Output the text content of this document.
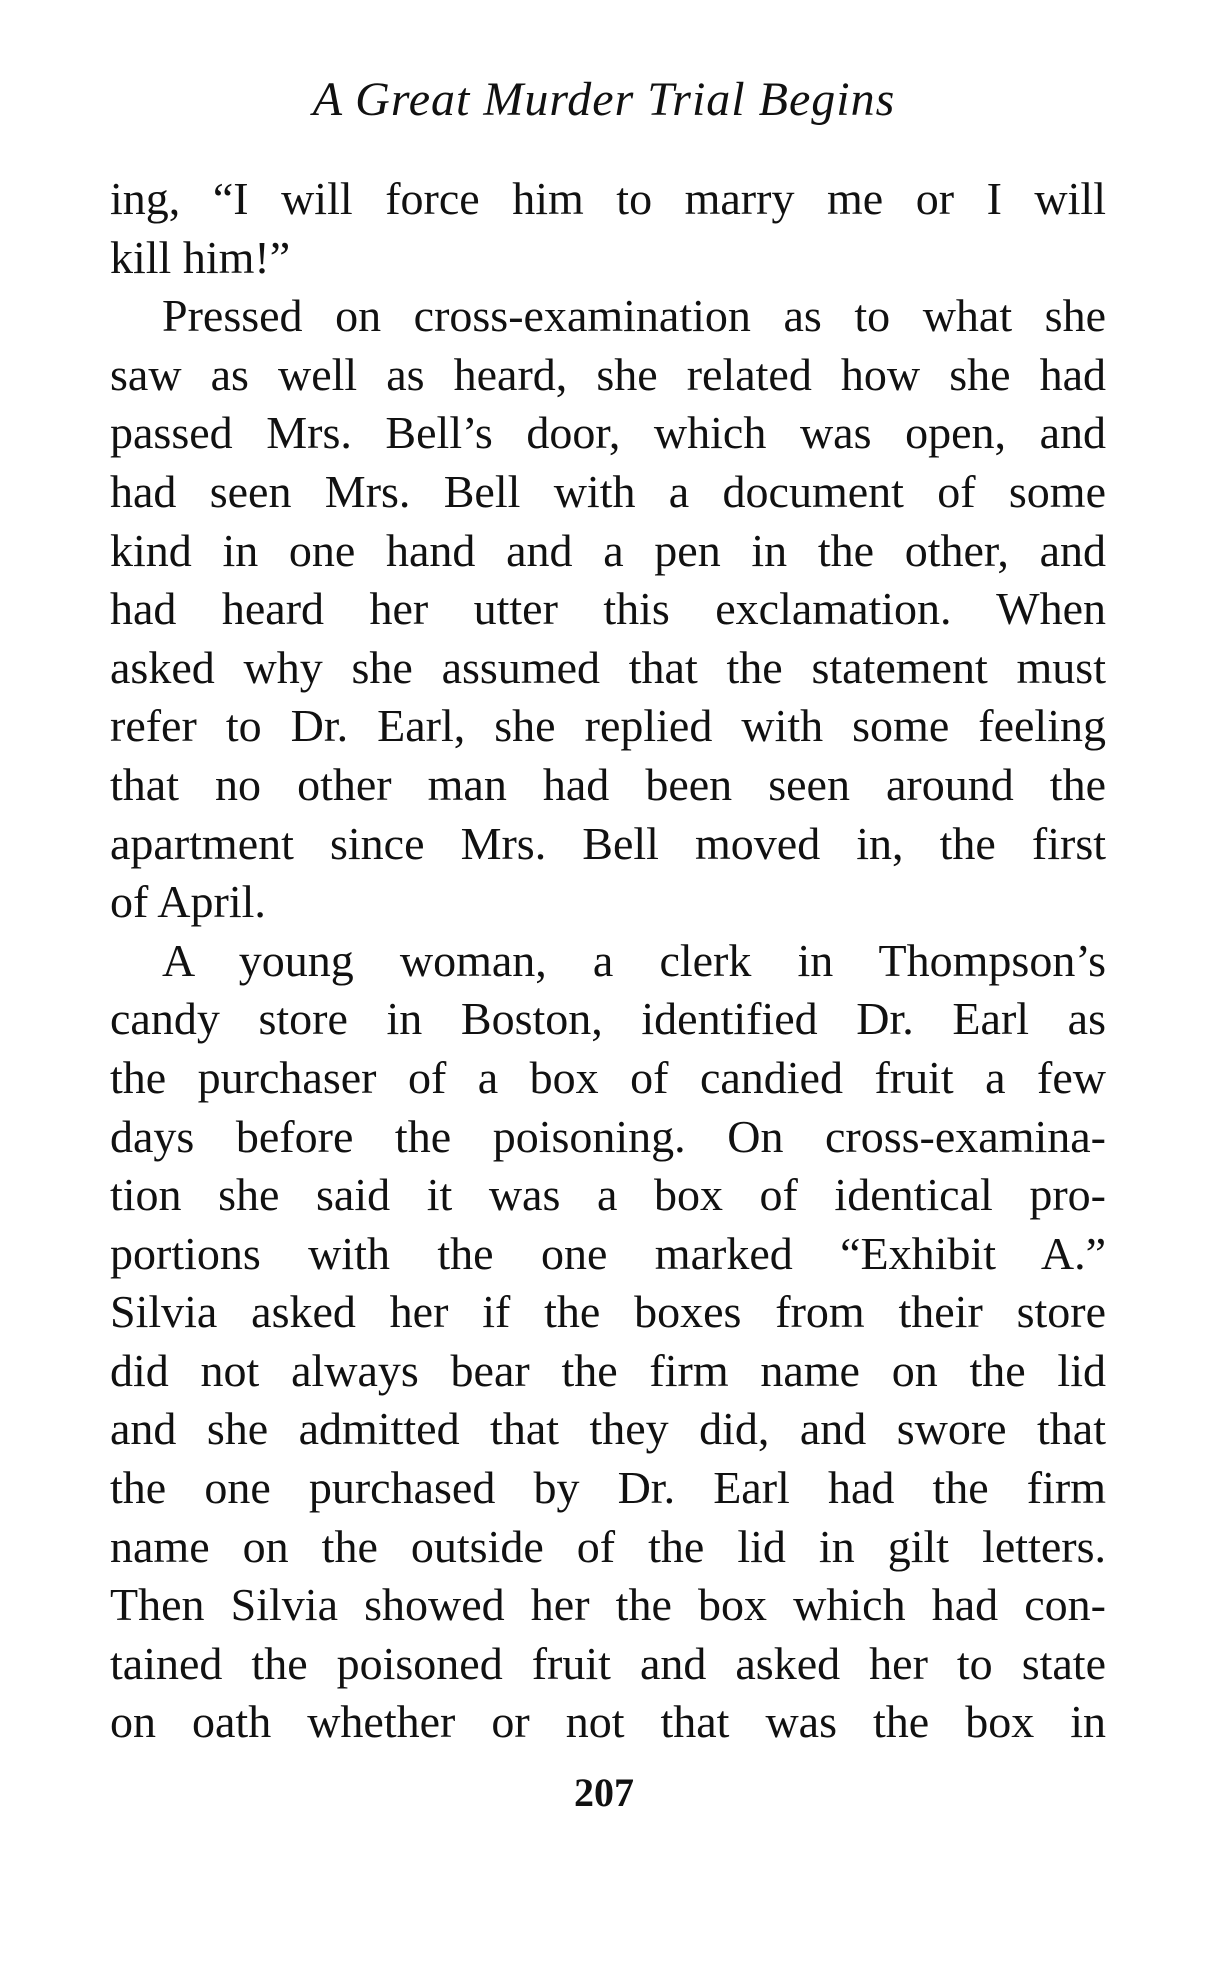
A Great Murder Trial Begins
ing, “I will force him to marry me or I will
kill him!”
Pressed on cross-examination as to what she
saw as well as heard, she related how she had
passed Mrs. Bell’s door, which was open, and
had seen Mrs. Bell with a document of some
kind in one hand and a pen in the other, and
had heard her utter this exclamation. When
asked why she assumed that the statement must
refer to Dr. Earl, she replied with some feeling
that no other man had been seen around the
apartment since Mrs. Bell moved in, the first
of April.
A young woman, a clerk in Thompson’s
candy store in Boston, identified Dr. Earl as
the purchaser of a box of candied fruit a few
days before the poisoning. On cross-examina-
tion she said it was a box of identical pro-
portions with the one marked “Exhibit A.”
Silvia asked her if the boxes from their store
did not always bear the firm name on the lid
and she admitted that they did, and swore that
the one purchased by Dr. Earl had the firm
name on the outside of the lid in gilt letters.
Then Silvia showed her the box which had con-
tained the poisoned fruit and asked her to state
on oath whether or not that was the box in
207
